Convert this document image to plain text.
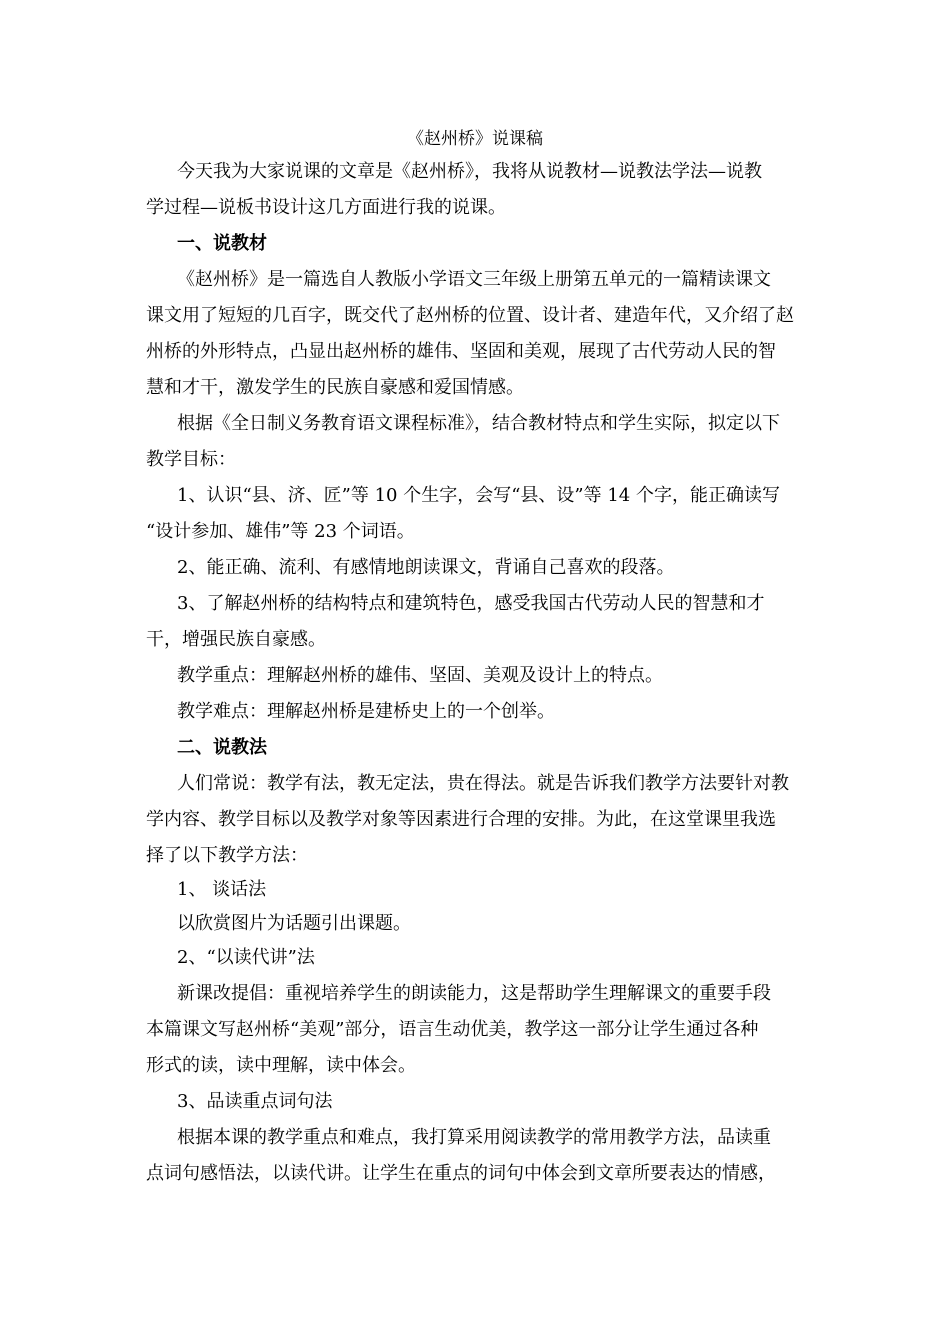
《赵州桥》说课稿
今天我为大家说课的文章是《赵州桥》，我将从说教材—说教法学法—说教
学过程—说板书设计这几方面进行我的说课。
一、说教材
《赵州桥》是一篇选自人教版小学语文三年级上册第五单元的一篇精读课文
课文用了短短的几百字，既交代了赵州桥的位置、设计者、建造年代，又介绍了赵
州桥的外形特点，凸显出赵州桥的雄伟、坚固和美观，展现了古代劳动人民的智
慧和才干，激发学生的民族自豪感和爱国情感。
根据《全日制义务教育语文课程标准》，结合教材特点和学生实际，拟定以下
教学目标：
1、认识“县、济、匠”等 10 个生字，会写“县、设”等 14 个字，能正确读写
“设计参加、雄伟”等 23 个词语。
2、能正确、流利、有感情地朗读课文，背诵自己喜欢的段落。
3、了解赵州桥的结构特点和建筑特色，感受我国古代劳动人民的智慧和才
干，增强民族自豪感。
教学重点：理解赵州桥的雄伟、坚固、美观及设计上的特点。
教学难点：理解赵州桥是建桥史上的一个创举。
二、说教法
人们常说：教学有法，教无定法，贵在得法。就是告诉我们教学方法要针对教
学内容、教学目标以及教学对象等因素进行合理的安排。为此，在这堂课里我选
择了以下教学方法：
1、 谈话法
以欣赏图片为话题引出课题。
2、“以读代讲”法
新课改提倡：重视培养学生的朗读能力，这是帮助学生理解课文的重要手段
本篇课文写赵州桥“美观”部分，语言生动优美，教学这一部分让学生通过各种
形式的读，读中理解，读中体会。
3、品读重点词句法
根据本课的教学重点和难点，我打算采用阅读教学的常用教学方法，品读重
点词句感悟法，以读代讲。让学生在重点的词句中体会到文章所要表达的情感，
